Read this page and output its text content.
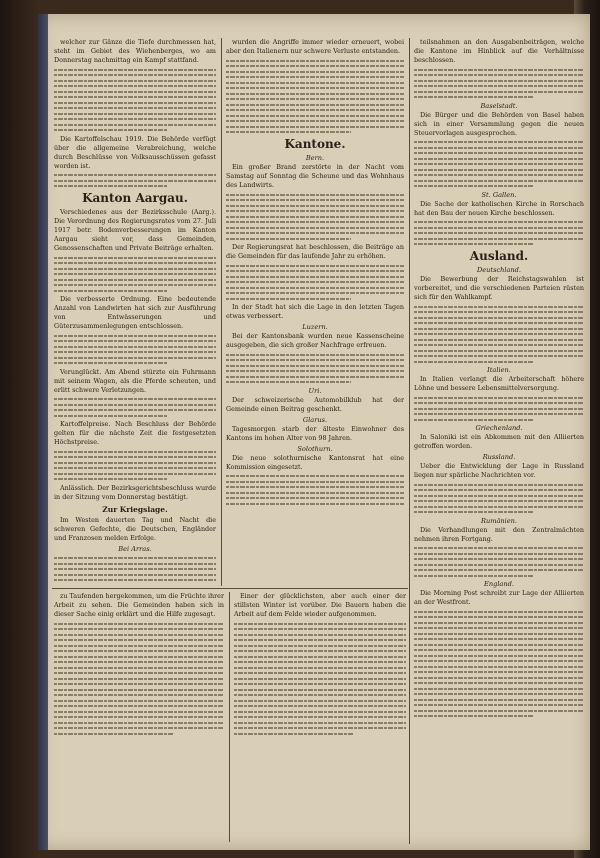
welcher zur Gänze die Tiefe durchmessen hat, steht im Gebiet des Wiehenberges, wo am Donnerstag nachmittag ein Kampf stattfand.

Die Kartoffelschau 1919. Die Behörde verfügt über die allgemeine Verabreichung, welche durch Beschlüsse von Volksausschüssen gefasst worden ist.

Kanton Aargau.

Verschiedenes aus der Bezirksschule (Aarg.). Die Verordnung des Regierungsrates vom 27. Juli 1917 betr. Bodenverbesserungen im Kanton Aargau sieht vor, dass Gemeinden, Genossenschaften und Private Beiträge erhalten.

Die verbesserte Ordnung. Eine bedeutende Anzahl von Landwirten hat sich zur Ausführung von Entwässerungen und Güterzusammenlegungen entschlossen.

Verunglückt. Am Abend stürzte ein Fuhrmann mit seinem Wagen, als die Pferde scheuten, und erlitt schwere Verletzungen.

Kartoffelpreise. Nach Beschluss der Behörde gelten für die nächste Zeit die festgesetzten Höchstpreise.

Anlässlich. Der Bezirksgerichtsbeschluss wurde in der Sitzung vom Donnerstag bestätigt.

Zur Kriegslage.

Im Westen dauerten Tag und Nacht die schweren Gefechte, die Deutschen, Engländer und Franzosen melden Erfolge.

Bei Arras.

wurden die Angriffe immer wieder erneuert, wobei aber den Italienern nur schwere Verluste entstanden.

Kantone.
Bern.

Ein großer Brand zerstörte in der Nacht vom Samstag auf Sonntag die Scheune und das Wohnhaus des Landwirts.

Der Regierungsrat hat beschlossen, die Beiträge an die Gemeinden für das laufende Jahr zu erhöhen.

In der Stadt hat sich die Lage in den letzten Tagen etwas verbessert.

Luzern.

Bei der Kantonsbank wurden neue Kassenscheine ausgegeben, die sich großer Nachfrage erfreuen.

Uri.

Der schweizerische Automobilklub hat der Gemeinde einen Beitrag geschenkt.

Glarus.

Tagesmorgen starb der älteste Einwohner des Kantons im hohen Alter von 98 Jahren.

Solothurn.

Die neue solothurnische Kantonsrat hat eine Kommission eingesetzt.

teilsnahmen an den Ausgabenbeiträgen, welche die Kantone im Hinblick auf die Verhältnisse beschlossen.

Baselstadt.

Die Bürger und die Behörden von Basel haben sich in einer Versammlung gegen die neuen Steuervorlagen ausgesprochen.

St. Gallen.

Die Sache der katholischen Kirche in Rorschach hat den Bau der neuen Kirche beschlossen.

Ausland.
Deutschland.

Die Bewerbung der Reichstagswahlen ist vorbereitet, und die verschiedenen Parteien rüsten sich für den Wahlkampf.

Italien.

In Italien verlangt die Arbeiterschaft höhere Löhne und bessere Lebensmittelversorgung.

Griechenland.

In Saloniki ist ein Abkommen mit den Alliierten getroffen worden.

Russland.

Ueber die Entwicklung der Lage in Russland liegen nur spärliche Nachrichten vor.

Rumänien.

Die Verhandlungen mit den Zentralmächten nehmen ihren Fortgang.

England.

Die Morning Post schreibt zur Lage der Alliierten an der Westfront.

zu Taufenden hergekommen, um die Früchte ihrer Arbeit zu sehen. Die Gemeinden haben sich in dieser Sache einig erklärt und die Hilfe zugesagt.

Einer der glücklichsten, aber auch einer der stillsten Winter ist vorüber. Die Bauern haben die Arbeit auf dem Felde wieder aufgenommen.
